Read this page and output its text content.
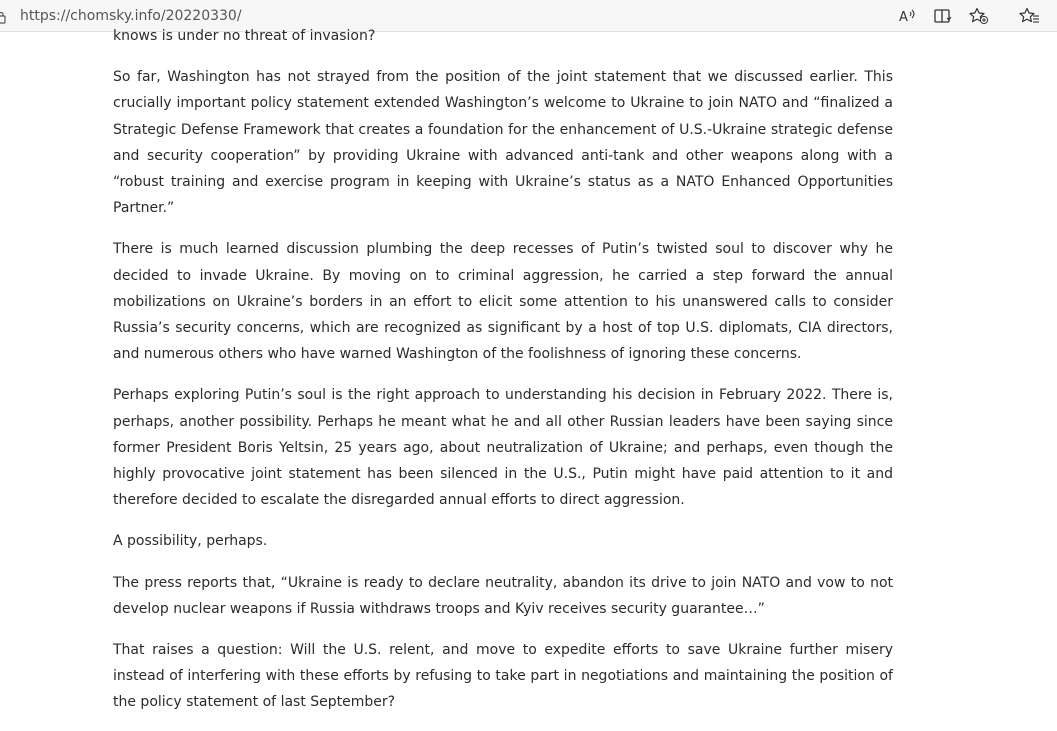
https://chomsky.info/20220330/	A

knows is under no threat of invasion?

So far, Washington has not strayed from the position of the joint statement that we discussed earlier. This crucially important policy statement extended Washington’s welcome to Ukraine to join NATO and “finalized a Strategic Defense Framework that creates a foundation for the enhancement of U.S.-Ukraine strategic defense and security cooperation” by providing Ukraine with advanced anti-tank and other weapons along with a “robust training and exercise program in keeping with Ukraine’s status as a NATO Enhanced Opportunities Partner.”

There is much learned discussion plumbing the deep recesses of Putin’s twisted soul to discover why he decided to invade Ukraine. By moving on to criminal aggression, he carried a step forward the annual mobilizations on Ukraine’s borders in an effort to elicit some attention to his unanswered calls to consider Russia’s security concerns, which are recognized as significant by a host of top U.S. diplomats, CIA directors, and numerous others who have warned Washington of the foolishness of ignoring these concerns.

Perhaps exploring Putin’s soul is the right approach to understanding his decision in February 2022. There is, perhaps, another possibility. Perhaps he meant what he and all other Russian leaders have been saying since former President Boris Yeltsin, 25 years ago, about neutralization of Ukraine; and perhaps, even though the highly provocative joint statement has been silenced in the U.S., Putin might have paid attention to it and therefore decided to escalate the disregarded annual efforts to direct aggression.

A possibility, perhaps.

The press reports that, “Ukraine is ready to declare neutrality, abandon its drive to join NATO and vow to not develop nuclear weapons if Russia withdraws troops and Kyiv receives security guarantee…”

That raises a question: Will the U.S. relent, and move to expedite efforts to save Ukraine further misery instead of interfering with these efforts by refusing to take part in negotiations and maintaining the position of the policy statement of last September?
